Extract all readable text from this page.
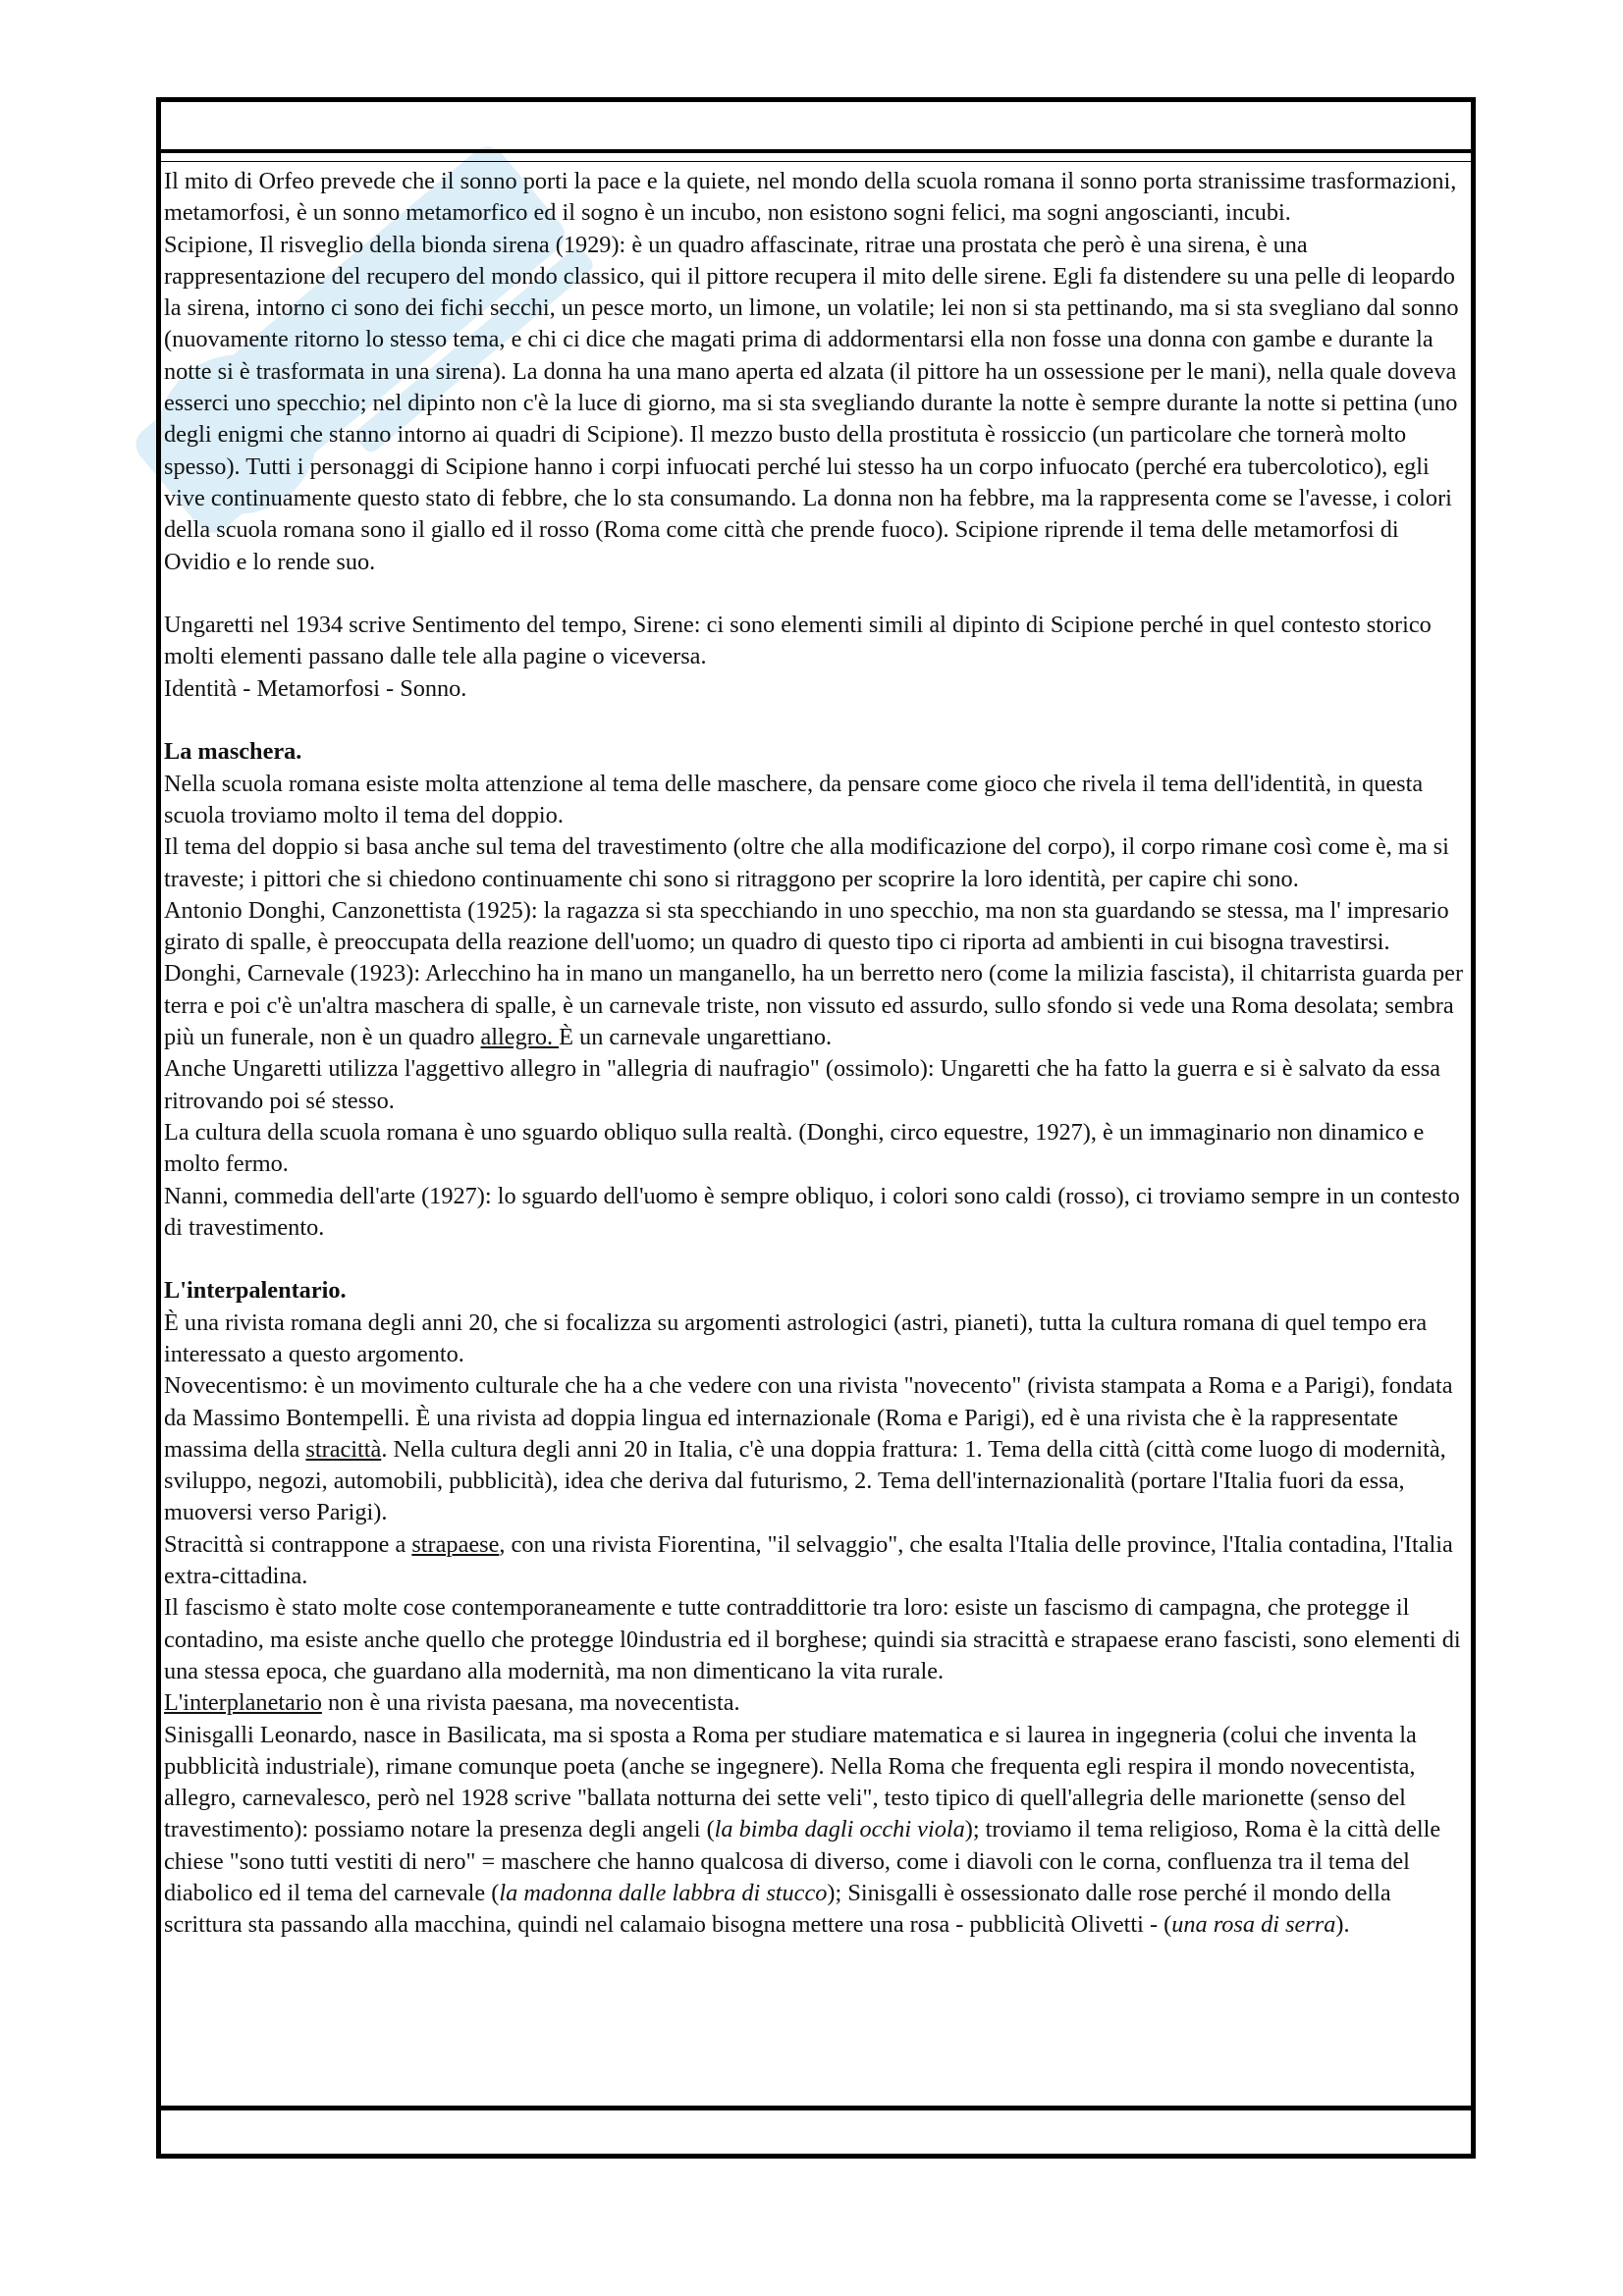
Il mito di Orfeo prevede che il sonno porti la pace e la quiete, nel mondo della scuola romana il sonno porta stranissime trasformazioni, metamorfosi, è un sonno metamorfico ed il sogno è un incubo, non esistono sogni felici, ma sogni angoscianti, incubi.

Scipione, Il risveglio della bionda sirena (1929): è un quadro affascinate, ritrae una prostata che però è una sirena, è una rappresentazione del recupero del mondo classico, qui il pittore recupera il mito delle sirene. Egli fa distendere su una pelle di leopardo la sirena, intorno ci sono dei fichi secchi, un pesce morto, un limone, un volatile; lei non si sta pettinando, ma si sta svegliano dal sonno (nuovamente ritorno lo stesso tema, e chi ci dice che magati prima di addormentarsi ella non fosse una donna con gambe e durante la notte si è trasformata in una sirena). La donna ha una mano aperta ed alzata (il pittore ha un ossessione per le mani), nella quale doveva esserci uno specchio; nel dipinto non c'è la luce di giorno, ma si sta svegliando durante la notte è sempre durante la notte si pettina (uno degli enigmi che stanno intorno ai quadri di Scipione). Il mezzo busto della prostituta è rossiccio (un particolare che tornerà molto spesso). Tutti i personaggi di Scipione hanno i corpi infuocati perché lui stesso ha un corpo infuocato (perché era tubercolotico), egli vive continuamente questo stato di febbre, che lo sta consumando. La donna non ha febbre, ma la rappresenta come se l'avesse, i colori della scuola romana sono il giallo ed il rosso (Roma come città che prende fuoco). Scipione riprende il tema delle metamorfosi di Ovidio e lo rende suo.

Ungaretti nel 1934 scrive Sentimento del tempo, Sirene: ci sono elementi simili al dipinto di Scipione perché in quel contesto storico molti elementi passano dalle tele alla pagine o viceversa.

Identità - Metamorfosi - Sonno.

La maschera.

Nella scuola romana esiste molta attenzione al tema delle maschere, da pensare come gioco che rivela il tema dell'identità, in questa scuola troviamo molto il tema del doppio.

Il tema del doppio si basa anche sul tema del travestimento (oltre che alla modificazione del corpo), il corpo rimane così come è, ma si traveste; i pittori che si chiedono continuamente chi sono si ritraggono per scoprire la loro identità, per capire chi sono.

Antonio Donghi, Canzonettista (1925): la ragazza si sta specchiando in uno specchio, ma non sta guardando se stessa, ma l' impresario girato di spalle, è preoccupata della reazione dell'uomo; un quadro di questo tipo ci riporta ad ambienti in cui bisogna travestirsi.

Donghi, Carnevale (1923): Arlecchino ha in mano un manganello, ha un berretto nero (come la milizia fascista), il chitarrista guarda per terra e poi c'è un'altra maschera di spalle, è un carnevale triste, non vissuto ed assurdo, sullo sfondo si vede una Roma desolata; sembra più un funerale, non è un quadro allegro. È un carnevale ungarettiano.

Anche Ungaretti utilizza l'aggettivo allegro in "allegria di naufragio" (ossimolo): Ungaretti che ha fatto la guerra e si è salvato da essa ritrovando poi sé stesso.

La cultura della scuola romana è uno sguardo obliquo sulla realtà. (Donghi, circo equestre, 1927), è un immaginario non dinamico e molto fermo.

Nanni, commedia dell'arte (1927): lo sguardo dell'uomo è sempre obliquo, i colori sono caldi (rosso), ci troviamo sempre in un contesto di travestimento.

L'interpalentario.

È una rivista romana degli anni 20, che si focalizza su argomenti astrologici (astri, pianeti), tutta la cultura romana di quel tempo era interessato a questo argomento.

Novecentismo: è un movimento culturale che ha a che vedere con una rivista "novecento" (rivista stampata a Roma e a Parigi), fondata da Massimo Bontempelli. È una rivista ad doppia lingua ed internazionale (Roma e Parigi), ed è una rivista che è la rappresentate massima della stracittà. Nella cultura degli anni 20 in Italia, c'è una doppia frattura: 1. Tema della città (città come luogo di modernità, sviluppo, negozi, automobili, pubblicità), idea che deriva dal futurismo, 2. Tema dell'internazionalità (portare l'Italia fuori da essa, muoversi verso Parigi).

Stracittà si contrappone a strapaese, con una rivista Fiorentina, "il selvaggio", che esalta l'Italia delle province, l'Italia contadina, l'Italia extra-cittadina.

Il fascismo è stato molte cose contemporaneamente e tutte contraddittorie tra loro: esiste un fascismo di campagna, che protegge il contadino, ma esiste anche quello che protegge l0industria ed il borghese; quindi sia stracittà e strapaese erano fascisti, sono elementi di una stessa epoca, che guardano alla modernità, ma non dimenticano la vita rurale.

L'interplanetario non è una rivista paesana, ma novecentista.

Sinisgalli Leonardo, nasce in Basilicata, ma si sposta a Roma per studiare matematica e si laurea in ingegneria (colui che inventa la pubblicità industriale), rimane comunque poeta (anche se ingegnere). Nella Roma che frequenta egli respira il mondo novecentista, allegro, carnevalesco, però nel 1928 scrive "ballata notturna dei sette veli", testo tipico di quell'allegria delle marionette (senso del travestimento): possiamo notare la presenza degli angeli (la bimba dagli occhi viola); troviamo il tema religioso, Roma è la città delle chiese "sono tutti vestiti di nero" = maschere che hanno qualcosa di diverso, come i diavoli con le corna, confluenza tra il tema del diabolico ed il tema del carnevale (la madonna dalle labbra di stucco); Sinisgalli è ossessionato dalle rose perché il mondo della scrittura sta passando alla macchina, quindi nel calamaio bisogna mettere una rosa - pubblicità Olivetti - (una rosa di serra).
